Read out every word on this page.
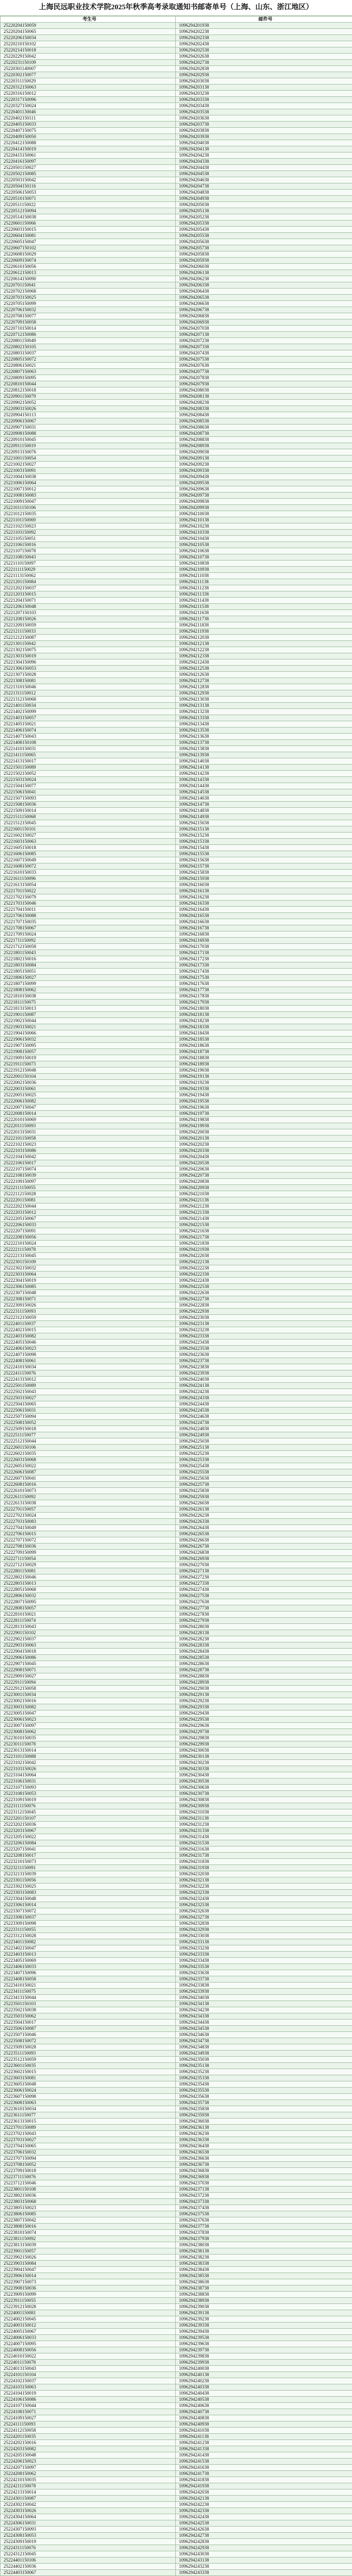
上海民远职业技术学院2025年秋季高考录取通知书邮寄单号（上海、山东、浙江地区）
考生号	邮件号
25220204150059	1096294201938
25220204150065	1096294202238
25220206150034	1096294202338
25220210150102	1096294202438
25220214150018	1096294202538
25220229150042	1096294202638
25220231150109	1096294202738
25220301140007	1096294202838
25220302150077	1096294202938
25220311150029	1096294203038
25220312150063	1096294203138
25220316150012	1096294203238
25220317150096	1096294203338
25220327150024	1096294203438
25220401130046	1096294203538
25220402150111	1096294203638
25220405150033	1096294203738
25220407150075	1096294203838
25220409150050	1096294203938
25220412150088	1096294204038
25220414150019	1096294204138
25220415150061	1096294204238
25220416150097	1096294204338
25220501150027	1096294204438
25220502150085	1096294204538
25220503150042	1096294204638
25220504150116	1096294204738
25220506150053	1096294204838
25220510150071	1096294204938
25220511150022	1096294205038
25220512150094	1096294205138
25220514150038	1096294205238
25220601150066	1096294205338
25220603150015	1096294205438
25220604150081	1096294205538
25220605150047	1096294205638
25220607150102	1096294205738
25220608150029	1096294205838
25220609150074	1096294205938
25220610150056	1096294206038
25220612150013	1096294206138
25220614150090	1096294206238
25220701150041	1096294206338
25220702150068	1096294206438
25220703150025	1096294206538
25220705150099	1096294206638
25220706150032	1096294206738
25220708150077	1096294206838
25220709150058	1096294206938
25220710150014	1096294207038
25220712150086	1096294207138
25220801150049	1096294207238
25220802150105	1096294207338
25220803150037	1096294207438
25220805150072	1096294207538
25220806150021	1096294207638
25220807150063	1096294207738
25220809150095	1096294207838
25220810150044	1096294207938
25220812150018	1096294208038
25220901150079	1096294208138
25220902150052	1096294208238
25220903150026	1096294208338
25220904150113	1096294208438
25220906150067	1096294208538
25220907150031	1096294208638
25220908150088	1096294208738
25220910150045	1096294208838
25220911150019	1096294208938
25220913150076	1096294209038
25221001150054	1096294209138
25221002150027	1096294209238
25221003150091	1096294209338
25221004150038	1096294209438
25221006150064	1096294209538
25221007150012	1096294209638
25221008150083	1096294209738
25221009150047	1096294209838
25221011150106	1096294209938
25221012150035	1096294210038
25221101150069	1096294210138
25221102150023	1096294210238
25221103150092	1096294210338
25221105150051	1096294210438
25221106150016	1096294210538
25221107150078	1096294210638
25221108150043	1096294210738
25221110150097	1096294210838
25221111150029	1096294210938
25221113150062	1096294211038
25221201150084	1096294211138
25221202150037	1096294211238
25221203150015	1096294211338
25221204150071	1096294211438
25221206150048	1096294211538
25221207150103	1096294211638
25221208150026	1096294211738
25221209150059	1096294211838
25221211150033	1096294211938
25221212150087	1096294212038
25221301150042	1096294212138
25221302150075	1096294212238
25221303150019	1096294212338
25221304150096	1096294212438
25221306150053	1096294212538
25221307150028	1096294212638
25221308150081	1096294212738
25221310150046	1096294212838
25221311150012	1096294212938
25221312150068	1096294213038
25221401150034	1096294213138
25221402150099	1096294213238
25221403150057	1096294213338
25221405150021	1096294213438
25221406150074	1096294213538
25221407150043	1096294213638
25221408150108	1096294213738
25221410150031	1096294213838
25221411150065	1096294213938
25221413150017	1096294214038
25221501150089	1096294214138
25221502150052	1096294214238
25221503150024	1096294214338
25221504150077	1096294214438
25221506150041	1096294214538
25221507150093	1096294214638
25221508150036	1096294214738
25221509150014	1096294214838
25221511150068	1096294214938
25221512150045	1096294215038
25221601150101	1096294215138
25221602150027	1096294215238
25221603150063	1096294215338
25221605150018	1096294215438
25221606150085	1096294215538
25221607150049	1096294215638
25221608150072	1096294215738
25221610150033	1096294215838
25221611150096	1096294215938
25221613150054	1096294216038
25221701150022	1096294216138
25221702150079	1096294216238
25221703150046	1096294216338
25221704150011	1096294216438
25221706150088	1096294216538
25221707150035	1096294216638
25221708150067	1096294216738
25221709150024	1096294216838
25221711150092	1096294216938
25221712150058	1096294217038
25221801150043	1096294217138
25221802150016	1096294217238
25221803150084	1096294217338
25221805150051	1096294217438
25221806150027	1096294217538
25221807150099	1096294217638
25221808150062	1096294217738
25221810150038	1096294217838
25221811150075	1096294217938
25221813150013	1096294218038
25221901150087	1096294218138
25221902150044	1096294218238
25221903150021	1096294218338
25221904150066	1096294218438
25221906150032	1096294218538
25221907150095	1096294218638
25221908150057	1096294218738
25221909150019	1096294218838
25221911150073	1096294218938
25221912150048	1096294219038
25222001150104	1096294219138
25222002150036	1096294219238
25222003150061	1096294219338
25222005150025	1096294219438
25222006150082	1096294219538
25222007150047	1096294219638
25222008150014	1096294219738
25222010150069	1096294219838
25222011150093	1096294219938
25222013150031	1096294220038
25222101150058	1096294220138
25222102150023	1096294220238
25222103150086	1096294220338
25222104150042	1096294220438
25222106150017	1096294220538
25222107150074	1096294220638
25222108150039	1096294220738
25222109150097	1096294220838
25222111150055	1096294220938
25222112150028	1096294221038
25222201150081	1096294221138
25222202150044	1096294221238
25222203150012	1096294221338
25222205150067	1096294221438
25222206150033	1096294221538
25222207150091	1096294221638
25222208150056	1096294221738
25222210150024	1096294221838
25222211150078	1096294221938
25222213150045	1096294222038
25222301150109	1096294222138
25222302150032	1096294222238
25222303150064	1096294222338
25222304150019	1096294222438
25222306150085	1096294222538
25222307150048	1096294222638
25222308150071	1096294222738
25222309150026	1096294222838
25222311150093	1096294222938
25222312150059	1096294223038
25222401150037	1096294223138
25222402150015	1096294223238
25222403150082	1096294223338
25222405150046	1096294223438
25222406150023	1096294223538
25222407150098	1096294223638
25222408150061	1096294223738
25222410150034	1096294223838
25222411150076	1096294223938
25222413150012	1096294224038
25222501150089	1096294224138
25222502150043	1096294224238
25222503150027	1096294224338
25222504150065	1096294224438
25222506150031	1096294224538
25222507150094	1096294224638
25222508150052	1096294224738
25222509150018	1096294224838
25222511150077	1096294224938
25222512150044	1096294225038
25222601150106	1096294225138
25222602150035	1096294225238
25222603150068	1096294225338
25222605150022	1096294225438
25222606150087	1096294225538
25222607150041	1096294225638
25222608150016	1096294225738
25222610150073	1096294225838
25222611150092	1096294225938
25222613150038	1096294226038
25222701150057	1096294226138
25222702150024	1096294226238
25222703150083	1096294226338
25222704150049	1096294226438
25222706150015	1096294226538
25222707150072	1096294226638
25222708150036	1096294226738
25222709150099	1096294226838
25222711150054	1096294226938
25222712150029	1096294227038
25222801150081	1096294227138
25222802150046	1096294227238
25222803150013	1096294227338
25222805150068	1096294227438
25222806150032	1096294227538
25222807150095	1096294227638
25222808150057	1096294227738
25222810150021	1096294227838
25222811150074	1096294227938
25222813150043	1096294228038
25222901150102	1096294228138
25222902150037	1096294228238
25222903150063	1096294228338
25222904150018	1096294228438
25222906150086	1096294228538
25222907150045	1096294228638
25222908150071	1096294228738
25222909150027	1096294228838
25222911150094	1096294228938
25222912150058	1096294229038
25223001150034	1096294229138
25223002150016	1096294229238
25223003150082	1096294229338
25223005150047	1096294229438
25223006150023	1096294229538
25223007150097	1096294229638
25223008150062	1096294229738
25223010150035	1096294229838
25223011150078	1096294229938
25223013150014	1096294230038
25223101150088	1096294230138
25223102150042	1096294230238
25223103150026	1096294230338
25223104150064	1096294230438
25223106150031	1096294230538
25223107150093	1096294230638
25223108150053	1096294230738
25223109150019	1096294230838
25223111150076	1096294230938
25223112150045	1096294231038
25223201150107	1096294231138
25223202150036	1096294231238
25223203150067	1096294231338
25223205150022	1096294231438
25223206150084	1096294231538
25223207150041	1096294231638
25223208150017	1096294231738
25223210150073	1096294231838
25223211150091	1096294231938
25223213150039	1096294232038
25223301150056	1096294232138
25223302150025	1096294232238
25223303150083	1096294232338
25223304150048	1096294232438
25223306150014	1096294232538
25223307150072	1096294232638
25223308150037	1096294232738
25223309150098	1096294232838
25223311150055	1096294232938
25223312150028	1096294233038
25223401150082	1096294233138
25223402150047	1096294233238
25223403150013	1096294233338
25223405150069	1096294233438
25223406150033	1096294233538
25223407150096	1096294233638
25223408150058	1096294233738
25223410150021	1096294233838
25223411150075	1096294233938
25223413150044	1096294234038
25223501150103	1096294234138
25223502150038	1096294234238
25223503150062	1096294234338
25223504150017	1096294234438
25223506150087	1096294234538
25223507150046	1096294234638
25223508150072	1096294234738
25223509150028	1096294234838
25223511150093	1096294234938
25223512150059	1096294235038
25223601150035	1096294235138
25223602150015	1096294235238
25223603150081	1096294235338
25223605150048	1096294235438
25223606150024	1096294235538
25223607150098	1096294235638
25223608150063	1096294235738
25223610150034	1096294235838
25223611150077	1096294235938
25223613150015	1096294236038
25223701150089	1096294236138
25223702150043	1096294236238
25223703150027	1096294236338
25223704150065	1096294236438
25223706150032	1096294236538
25223707150094	1096294236638
25223708150052	1096294236738
25223709150018	1096294236838
25223711150076	1096294236938
25223712150046	1096294237038
25223801150108	1096294237138
25223802150036	1096294237238
25223803150068	1096294237338
25223805150023	1096294237438
25223806150085	1096294237538
25223807150042	1096294237638
25223808150016	1096294237738
25223810150074	1096294237838
25223811150092	1096294237938
25223813150039	1096294238038
25223901150057	1096294238138
25223902150026	1096294238238
25223903150084	1096294238338
25223904150047	1096294238438
25223906150014	1096294238538
25223907150073	1096294238638
25223908150036	1096294238738
25223909150099	1096294238838
25223911150055	1096294238938
25223912150028	1096294239038
25224001150081	1096294239138
25224002150045	1096294239238
25224003150012	1096294239338
25224005150067	1096294239438
25224006150033	1096294239538
25224007150095	1096294239638
25224008150056	1096294239738
25224010150022	1096294239838
25224011150078	1096294239938
25224013150043	1096294240038
25224101150104	1096294240138
25224102150037	1096294240238
25224103150063	1096294240338
25224104150019	1096294240438
25224106150086	1096294240538
25224107150044	1096294240638
25224108150071	1096294240738
25224109150027	1096294240838
25224111150093	1096294240938
25224112150058	1096294241038
25224201150035	1096294241138
25224202150016	1096294241238
25224203150082	1096294241338
25224205150048	1096294241438
25224206150023	1096294241538
25224207150097	1096294241638
25224208150062	1096294241738
25224210150035	1096294241838
25224211150078	1096294241938
25224213150014	1096294242038
25224301150087	1096294242138
25224302150042	1096294242238
25224303150026	1096294242338
25224304150064	1096294242438
25224306150031	1096294242538
25224307150093	1096294242638
25224308150053	1096294242738
25224309150019	1096294242838
25224311150076	1096294242938
25224312150045	1096294243038
25224401150106	1096294243138
25224402150036	1096294243238
25224403150067	1096294243338
